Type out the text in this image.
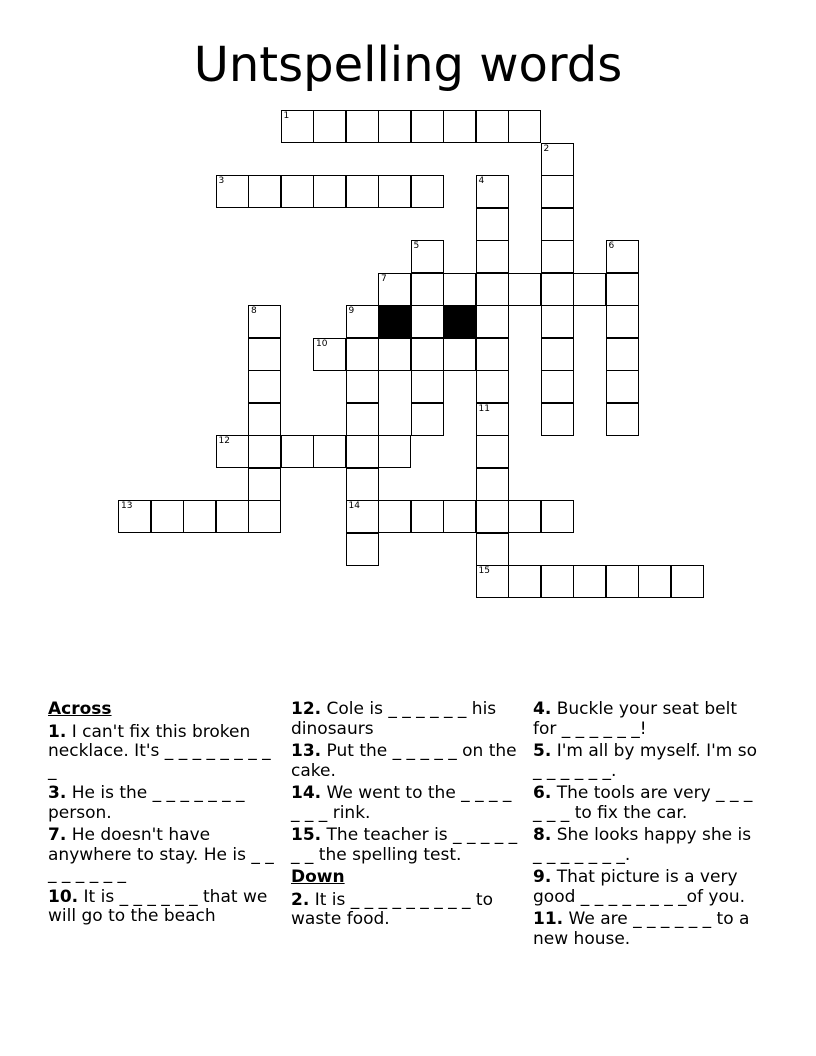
Untspelling words
1
2
3	4
5	6
7
8	9
14
10
11
12
13
15
Across
1. I can't fix this broken necklace. It's _ _ _ _ _ _ _ _ _
3. He is the _ _ _ _ _ _ _ person.
7. He doesn't have anywhere to stay. He is _ _ _ _ _ _ _ _
10. It is _ _ _ _ _ _ that we will go to the beach
12. Cole is _ _ _ _ _ _ his dinosaurs
13. Put the _ _ _ _ _ on the cake.
14. We went to the _ _ _ _ _ _ _ rink.
15. The teacher is _ _ _ _ _ _ _ the spelling test.
Down
2. It is _ _ _ _ _ _ _ _ _ to waste food.
4. Buckle your seat belt for _ _ _ _ _ _!
5. I'm all by myself. I'm so _ _ _ _ _ _.
6. The tools are very _ _ _ _ _ _ to fix the car.
8. She looks happy she is _ _ _ _ _ _ _.
9. That picture is a very good _ _ _ _ _ _ _ _of you.
11. We are _ _ _ _ _ _ to a new house.
